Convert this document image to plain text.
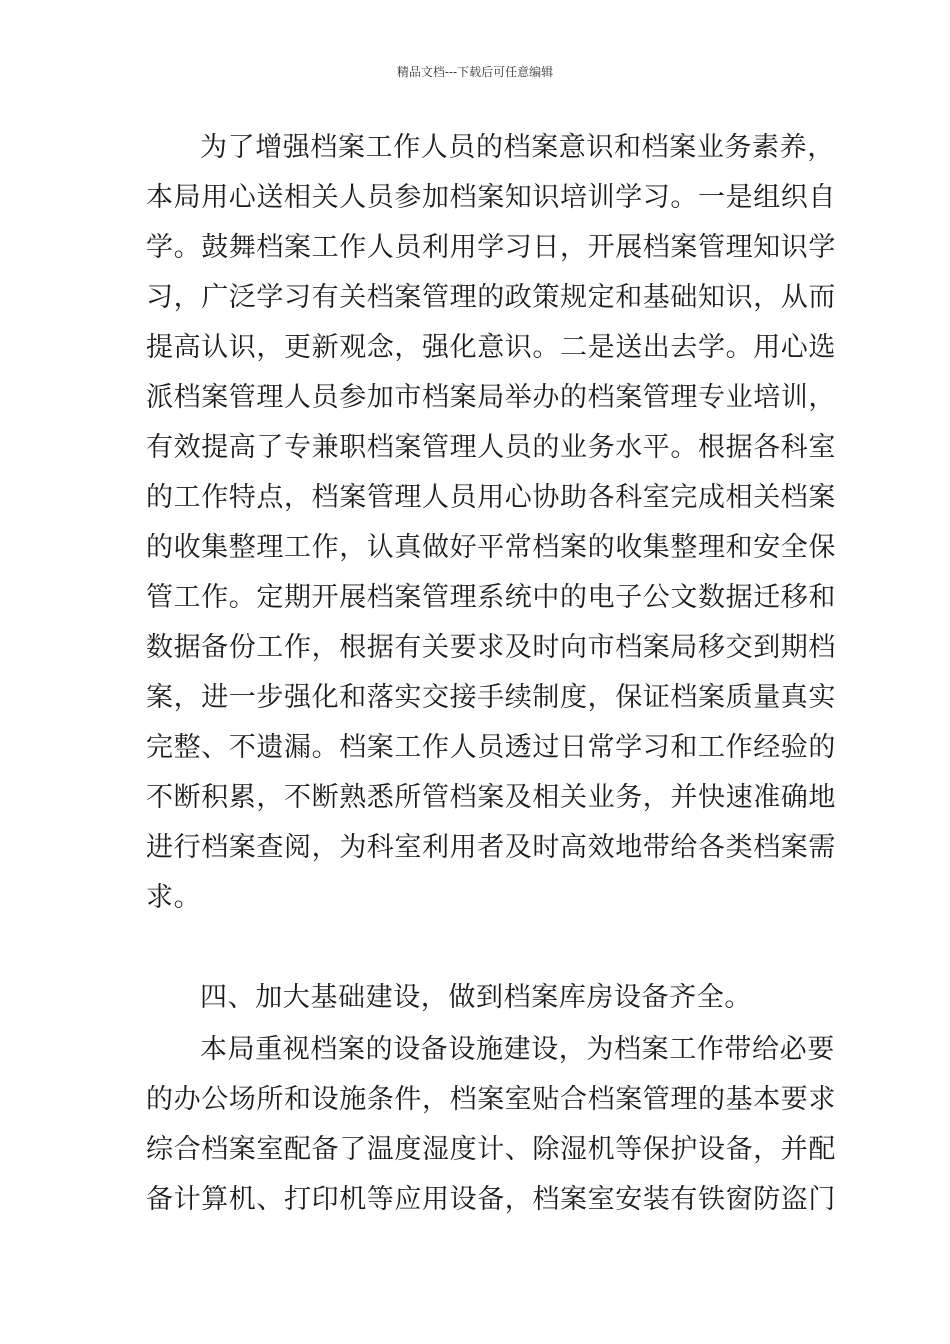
精品文档---下载后可任意编辑
为了增强档案工作人员的档案意识和档案业务素养，
本局用心送相关人员参加档案知识培训学习。一是组织自
学。鼓舞档案工作人员利用学习日，开展档案管理知识学
习，广泛学习有关档案管理的政策规定和基础知识，从而
提高认识，更新观念，强化意识。二是送出去学。用心选
派档案管理人员参加市档案局举办的档案管理专业培训，
有效提高了专兼职档案管理人员的业务水平。根据各科室
的工作特点，档案管理人员用心协助各科室完成相关档案
的收集整理工作，认真做好平常档案的收集整理和安全保
管工作。定期开展档案管理系统中的电子公文数据迁移和
数据备份工作，根据有关要求及时向市档案局移交到期档
案，进一步强化和落实交接手续制度，保证档案质量真实
完整、不遗漏。档案工作人员透过日常学习和工作经验的
不断积累，不断熟悉所管档案及相关业务，并快速准确地
进行档案查阅，为科室利用者及时高效地带给各类档案需
求。
四、加大基础建设，做到档案库房设备齐全。
本局重视档案的设备设施建设，为档案工作带给必要
的办公场所和设施条件，档案室贴合档案管理的基本要求
综合档案室配备了温度湿度计、除湿机等保护设备，并配
备计算机、打印机等应用设备，档案室安装有铁窗防盗门
